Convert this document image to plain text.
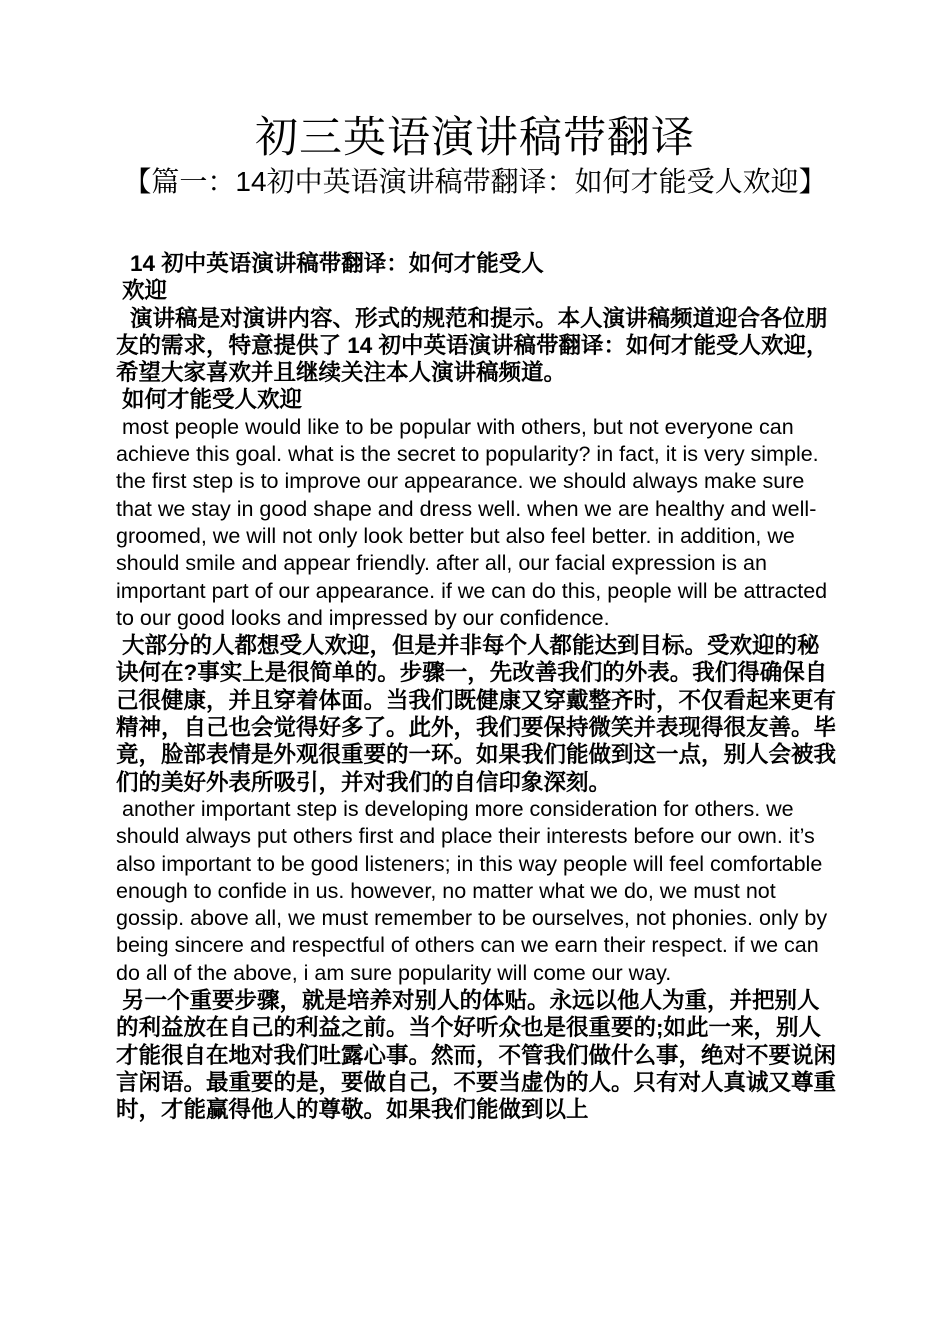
初三英语演讲稿带翻译
【篇一：14初中英语演讲稿带翻译：如何才能受人欢迎】

14 初中英语演讲稿带翻译：如何才能受人

欢迎

演讲稿是对演讲内容、形式的规范和提示。本人演讲稿频道迎合各位朋友的需求，特意提供了 14 初中英语演讲稿带翻译：如何才能受人欢迎，希望大家喜欢并且继续关注本人演讲稿频道。

如何才能受人欢迎

most people would like to be popular with others, but not everyone can achieve this goal. what is the secret to popularity? in fact, it is very simple. the first step is to improve our appearance. we should always make sure that we stay in good shape and dress well. when we are healthy and well-groomed, we will not only look better but also feel better. in addition, we should smile and appear friendly. after all, our facial expression is an important part of our appearance. if we can do this, people will be attracted to our good looks and impressed by our confidence.

大部分的人都想受人欢迎，但是并非每个人都能达到目标。受欢迎的秘诀何在?事实上是很简单的。步骤一，先改善我们的外表。我们得确保自己很健康，并且穿着体面。当我们既健康又穿戴整齐时，不仅看起来更有精神，自己也会觉得好多了。此外，我们要保持微笑并表现得很友善。毕竟，脸部表情是外观很重要的一环。如果我们能做到这一点，别人会被我们的美好外表所吸引，并对我们的自信印象深刻。

another important step is developing more consideration for others. we should always put others first and place their interests before our own. it’s also important to be good listeners; in this way people will feel comfortable enough to confide in us. however, no matter what we do, we must not gossip. above all, we must remember to be ourselves, not phonies. only by being sincere and respectful of others can we earn their respect. if we can do all of the above, i am sure popularity will come our way.

另一个重要步骤，就是培养对别人的体贴。永远以他人为重，并把别人的利益放在自己的利益之前。当个好听众也是很重要的;如此一来，别人才能很自在地对我们吐露心事。然而，不管我们做什么事，绝对不要说闲言闲语。最重要的是，要做自己，不要当虚伪的人。只有对人真诚又尊重时，才能赢得他人的尊敬。如果我们能做到以上
